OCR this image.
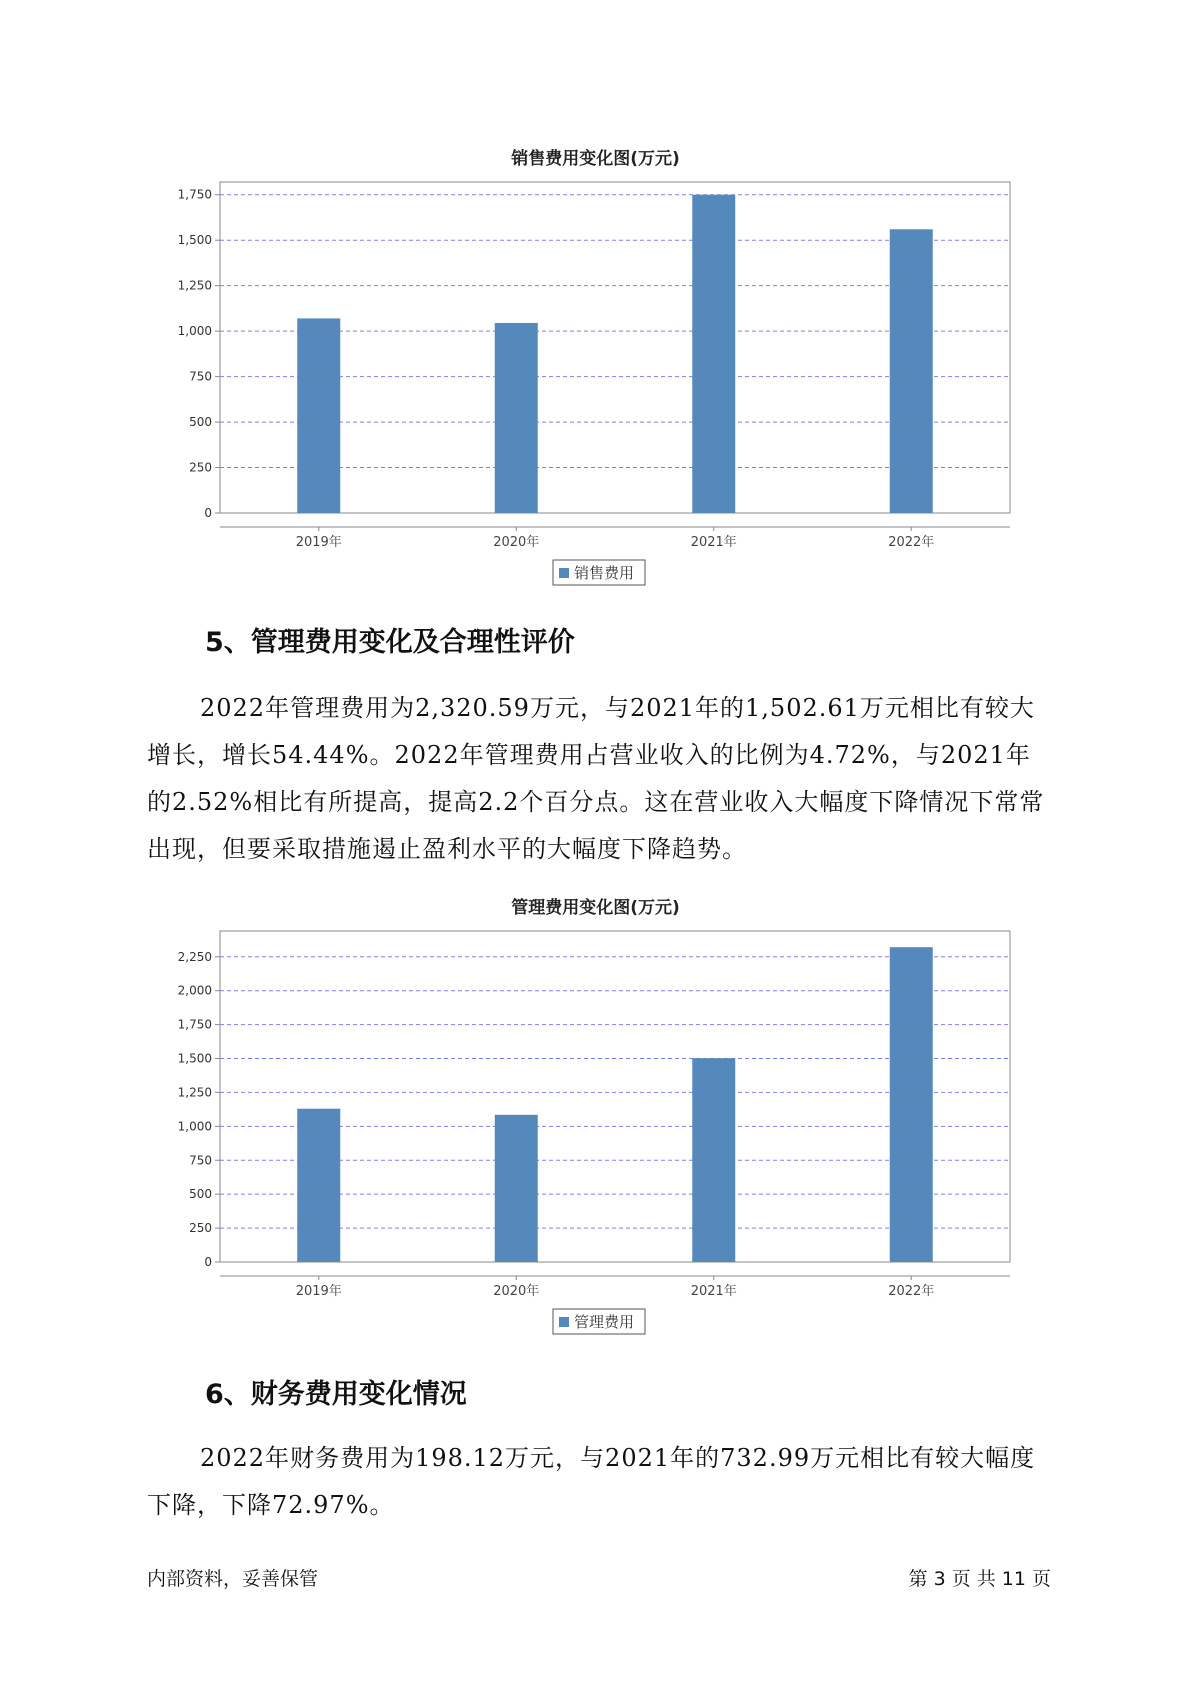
销售费用变化图(万元)
0
250
500
750
1,000
1,250
1,500
1,750
2019年	2020年	2021年	2022年
销售费用
5、管理费用变化及合理性评价

2022年管理费用为2,320.59万元，与2021年的1,502.61万元相比有较大增长，增长54.44%。2022年管理费用占营业收入的比例为4.72%，与2021年的2.52%相比有所提高，提高2.2个百分点。这在营业收入大幅度下降情况下常常出现，但要采取措施遏止盈利水平的大幅度下降趋势。

管理费用变化图(万元)
0
250
500
750
1,000
1,250
1,500
1,750
2,000
2,250
2019年	2020年	2021年	2022年
管理费用
6、财务费用变化情况

2022年财务费用为198.12万元，与2021年的732.99万元相比有较大幅度下降，下降72.97%。

内部资料，妥善保管	第 3 页 共 11 页
